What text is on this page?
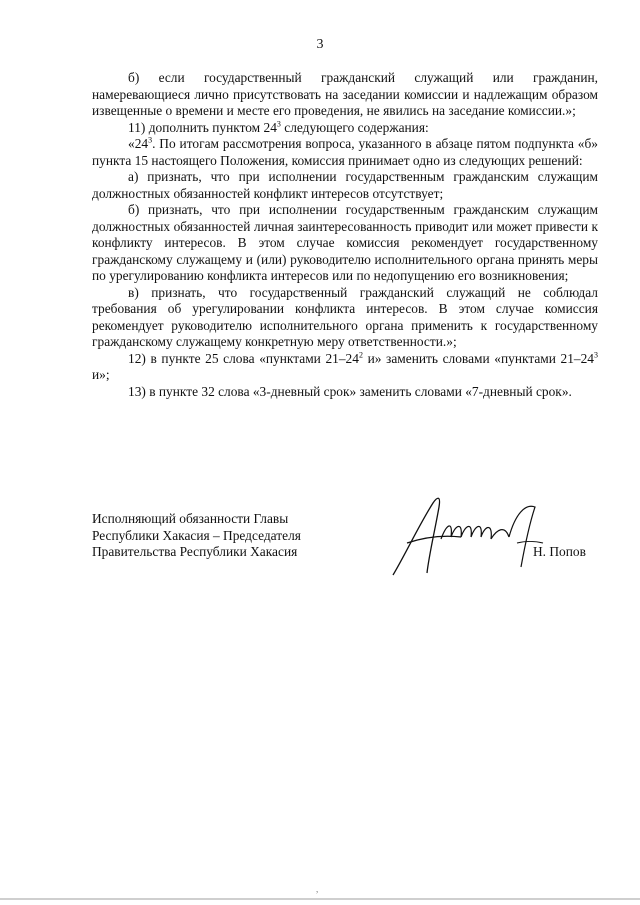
3

б) если государственный гражданский служащий или гражданин, намеревающиеся лично присутствовать на заседании комиссии и надлежащим образом извещенные о времени и месте его проведения, не явились на заседание комиссии.»;

11) дополнить пунктом $24^3$ следующего содержания:

«$24^3$. По итогам рассмотрения вопроса, указанного в абзаце пятом подпункта «б» пункта 15 настоящего Положения, комиссия принимает одно из следующих решений:

а) признать, что при исполнении государственным гражданским служащим должностных обязанностей конфликт интересов отсутствует;

б) признать, что при исполнении государственным гражданским служащим должностных обязанностей личная заинтересованность приводит или может привести к конфликту интересов. В этом случае комиссия рекомендует государственному гражданскому служащему и (или) руководителю исполнительного органа принять меры по урегулированию конфликта интересов или по недопущению его возникновения;

в) признать, что государственный гражданский служащий не соблюдал требования об урегулировании конфликта интересов. В этом случае комиссия рекомендует руководителю исполнительного органа применить к государственному гражданскому служащему конкретную меру ответственности.»;

12) в пункте 25 слова «пунктами $21-24^2$ и» заменить словами «пунктами $21-24^3$ и»;

13) в пункте 32 слова «3-дневный срок» заменить словами «7-дневный срок».

Исполняющий обязанности Главы
Республики Хакасия – Председателя
Правительства Республики Хакасия	Н. Попов
,
